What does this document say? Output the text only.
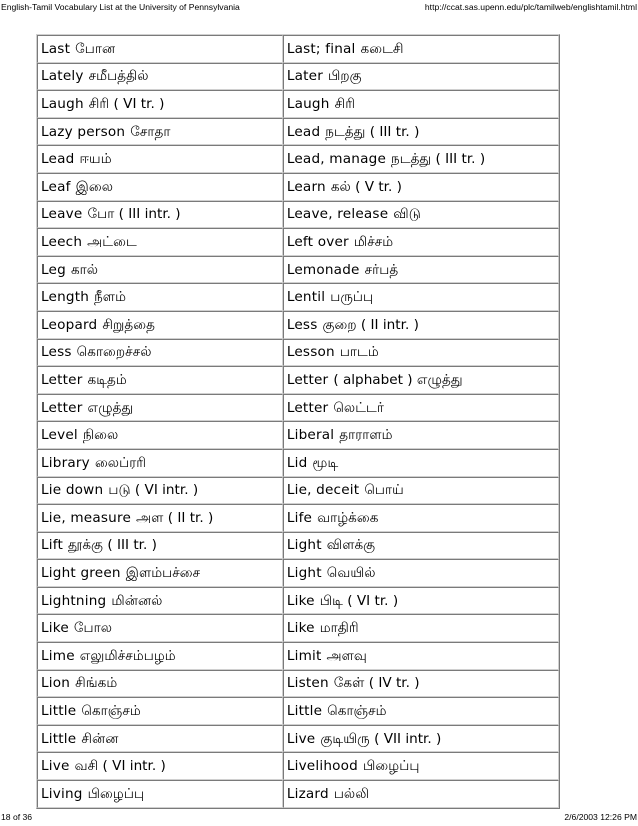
English-Tamil Vocabulary List at the University of Pennsylvania	http://ccat.sas.upenn.edu/plc/tamilweb/englishtamil.html
Last போன	Last; final கடைசி
Lately சமீபத்தில்	Later பிறகு
Laugh சிரி ( VI tr. )	Laugh சிரி
Lazy person சோதா	Lead நடத்து ( III tr. )
Lead ஈயம்	Lead, manage நடத்து ( III tr. )
Leaf இலை	Learn கல் ( V tr. )
Leave போ ( III intr. )	Leave, release விடு
Leech அட்டை	Left over மிச்சம்
Leg கால்	Lemonade சர்பத்
Length நீளம்	Lentil பருப்பு
Leopard சிறுத்தை	Less குறை ( II intr. )
Less கொறைச்சல்	Lesson பாடம்
Letter கடிதம்	Letter ( alphabet ) எழுத்து
Letter எழுத்து	Letter லெட்டர்
Level நிலை	Liberal தாராளம்
Library லைப்ரரி	Lid மூடி
Lie down படு ( VI intr. )	Lie, deceit பொய்
Lie, measure அள ( II tr. )	Life வாழ்க்கை
Lift தூக்கு ( III tr. )	Light விளக்கு
Light green இளம்பச்சை	Light வெயில்
Lightning மின்னல்	Like பிடி ( VI tr. )
Like போல	Like மாதிரி
Lime எலுமிச்சம்பழம்	Limit அளவு
Lion சிங்கம்	Listen கேள் ( IV tr. )
Little கொஞ்சம்	Little கொஞ்சம்
Little சின்ன	Live குடியிரு ( VII intr. )
Live வசி ( VI intr. )	Livelihood பிழைப்பு
Living பிழைப்பு	Lizard பல்லி
18 of 36	2/6/2003 12:26 PM
